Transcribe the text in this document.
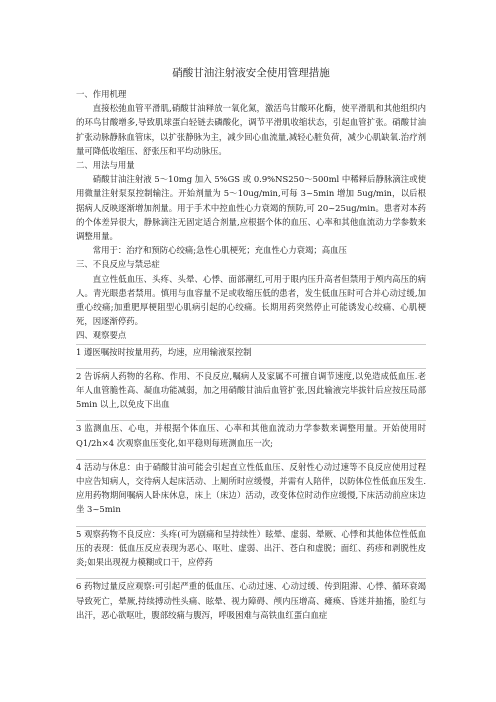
硝酸甘油注射液安全使用管理措施
一、作用机理
直接松弛血管平滑肌,硝酸甘油释放一氧化氮，激活鸟甘酸环化酶，使平滑肌和其他组织内的环鸟甘酸增多,导致肌球蛋白轻链去磷酸化，调节平滑肌收缩状态，引起血管扩张。硝酸甘油扩张动脉静脉血管床，以扩张静脉为主，减少回心血流量,减轻心脏负荷，减少心肌缺氧.治疗剂量可降低收缩压、舒张压和平均动脉压。
二、用法与用量
硝酸甘油注射液 5～10mg 加入 5%GS 或 0.9%NS250～500ml 中稀释后静脉滴注或使用微量注射泵泵控制输注。开始剂量为 5～10ug/min,可每 3~5min 增加 5ug/min，以后根据病人反映逐渐增加剂量。用于手术中控血性心力衰竭的预防,可 20~25ug/min。患者对本药的个体差异很大，静脉滴注无固定适合剂量,应根据个体的血压、心率和其他血流动力学参数来调整用量。
常用于：治疗和预防心绞痛;急性心肌梗死；充血性心力衰竭；高血压
三、不良反应与禁忌症
直立性低血压、头疼、头晕、心悸、面部潮红,可用于眼内压升高者但禁用于颅内高压的病人。青光眼患者禁用。慎用与血容量不足或收缩压低的患者，发生低血压时可合并心动过缓,加重心绞痛;加重肥厚梗阻型心肌病引起的心绞痛。长期用药突然停止可能诱发心绞痛、心肌梗死，因逐渐停药。
四、观察要点
1 遵医嘱按时按量用药，均速，应用输液泵控制
2 告诉病人药物的名称、作用、不良反应,嘱病人及家属不可擅自调节速度,以免造成低血压.老年人血管脆性高、凝血功能减弱，加之用硝酸甘油后血管扩张,因此输液完毕拔针后应按压局部 5min 以上,以免皮下出血
3 监测血压、心电，并根据个体血压、心率和其他血流动力学参数来调整用量。开始使用时 Q1/2h×4 次观察血压变化,如平稳则每班测血压一次;
4 活动与休息：由于硝酸甘油可能会引起直立性低血压、反射性心动过速等不良反应使用过程中应告知病人，交待病人起床活动、上厕所时应缓慢，并需有人陪伴，以防体位性低血压发生.应用药物期间嘱病人卧床休息，床上（床边）活动，改变体位时动作应缓慢,下床活动前应床边坐 3~5min
5 观察药物不良反应：头疼(可为剧痛和呈持续性）眩晕、虚弱、晕厥、心悸和其他体位性低血压的表现：低血压反应表现为恶心、呕吐、虚弱、出汗、苍白和虚脱；面红、药疹和剥脱性皮炎;如果出现视力模糊或口干，应停药
6 药物过量反应观察:可引起严重的低血压、心动过速、心动过缓、传到阻滞、心悸、循环衰竭导致死亡，晕厥,持续搏动性头痛、眩晕、视力障碍、颅内压增高、瘫痪、昏迷并抽搐，脸红与出汗，恶心欲呕吐，腹部绞痛与腹泻，呼吸困难与高铁血红蛋白血症
